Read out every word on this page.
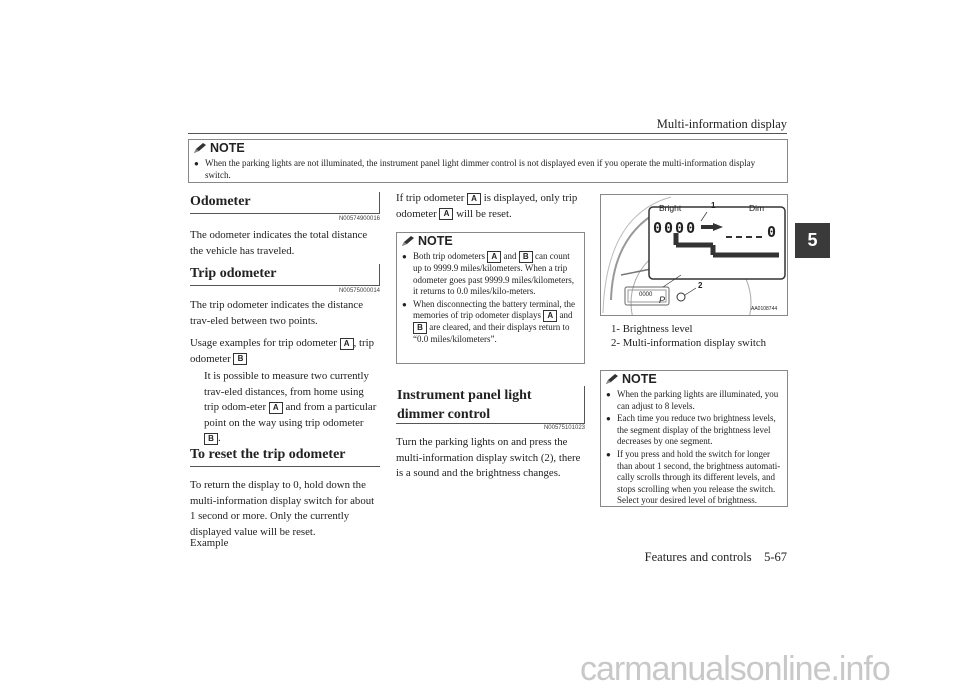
Multi-information display
5
NOTE
● When the parking lights are not illuminated, the instrument panel light dimmer control is not displayed even if you operate the multi-information display switch.
Odometer
N00574900016
The odometer indicates the total distance the vehicle has traveled.
Trip odometer
N00575000014
The trip odometer indicates the distance trav-eled between two points.
Usage examples for trip odometer A , trip
odometer B
It is possible to measure two currently trav-eled distances, from home using trip odom-eter A and from a particular point on the way using trip odometer B .
To reset the trip odometer
To return the display to 0, hold down the multi-information display switch for about 1 second or more. Only the currently displayed value will be reset.
Example
If trip odometer A is displayed, only trip
odometer A will be reset.
NOTE
● Both trip odometers A and B can count up to 9999.9 miles/kilometers. When a trip odometer goes past 9999.9 miles/kilometers, it returns to 0.0 miles/kilo-meters.
● When disconnecting the battery terminal, the memories of trip odometer displays A and B are cleared, and their displays return to “0.0 miles/kilometers”.
Instrument panel light dimmer control
N00575101023
Turn the parking lights on and press the multi-information display switch (2), there is a sound and the brightness changes.
Bright	Dim
1
2
0000	0
0000 P
AA0108744
1- Brightness level
2- Multi-information display switch
NOTE
● When the parking lights are illuminated, you can adjust to 8 levels.
● Each time you reduce two brightness levels, the segment display of the brightness level decreases by one segment.
● If you press and hold the switch for longer than about 1 second, the brightness automati-cally scrolls through its different levels, and stops scrolling when you release the switch. Select your desired level of brightness.
Features and controls 5-67
carmanualsonline.info
